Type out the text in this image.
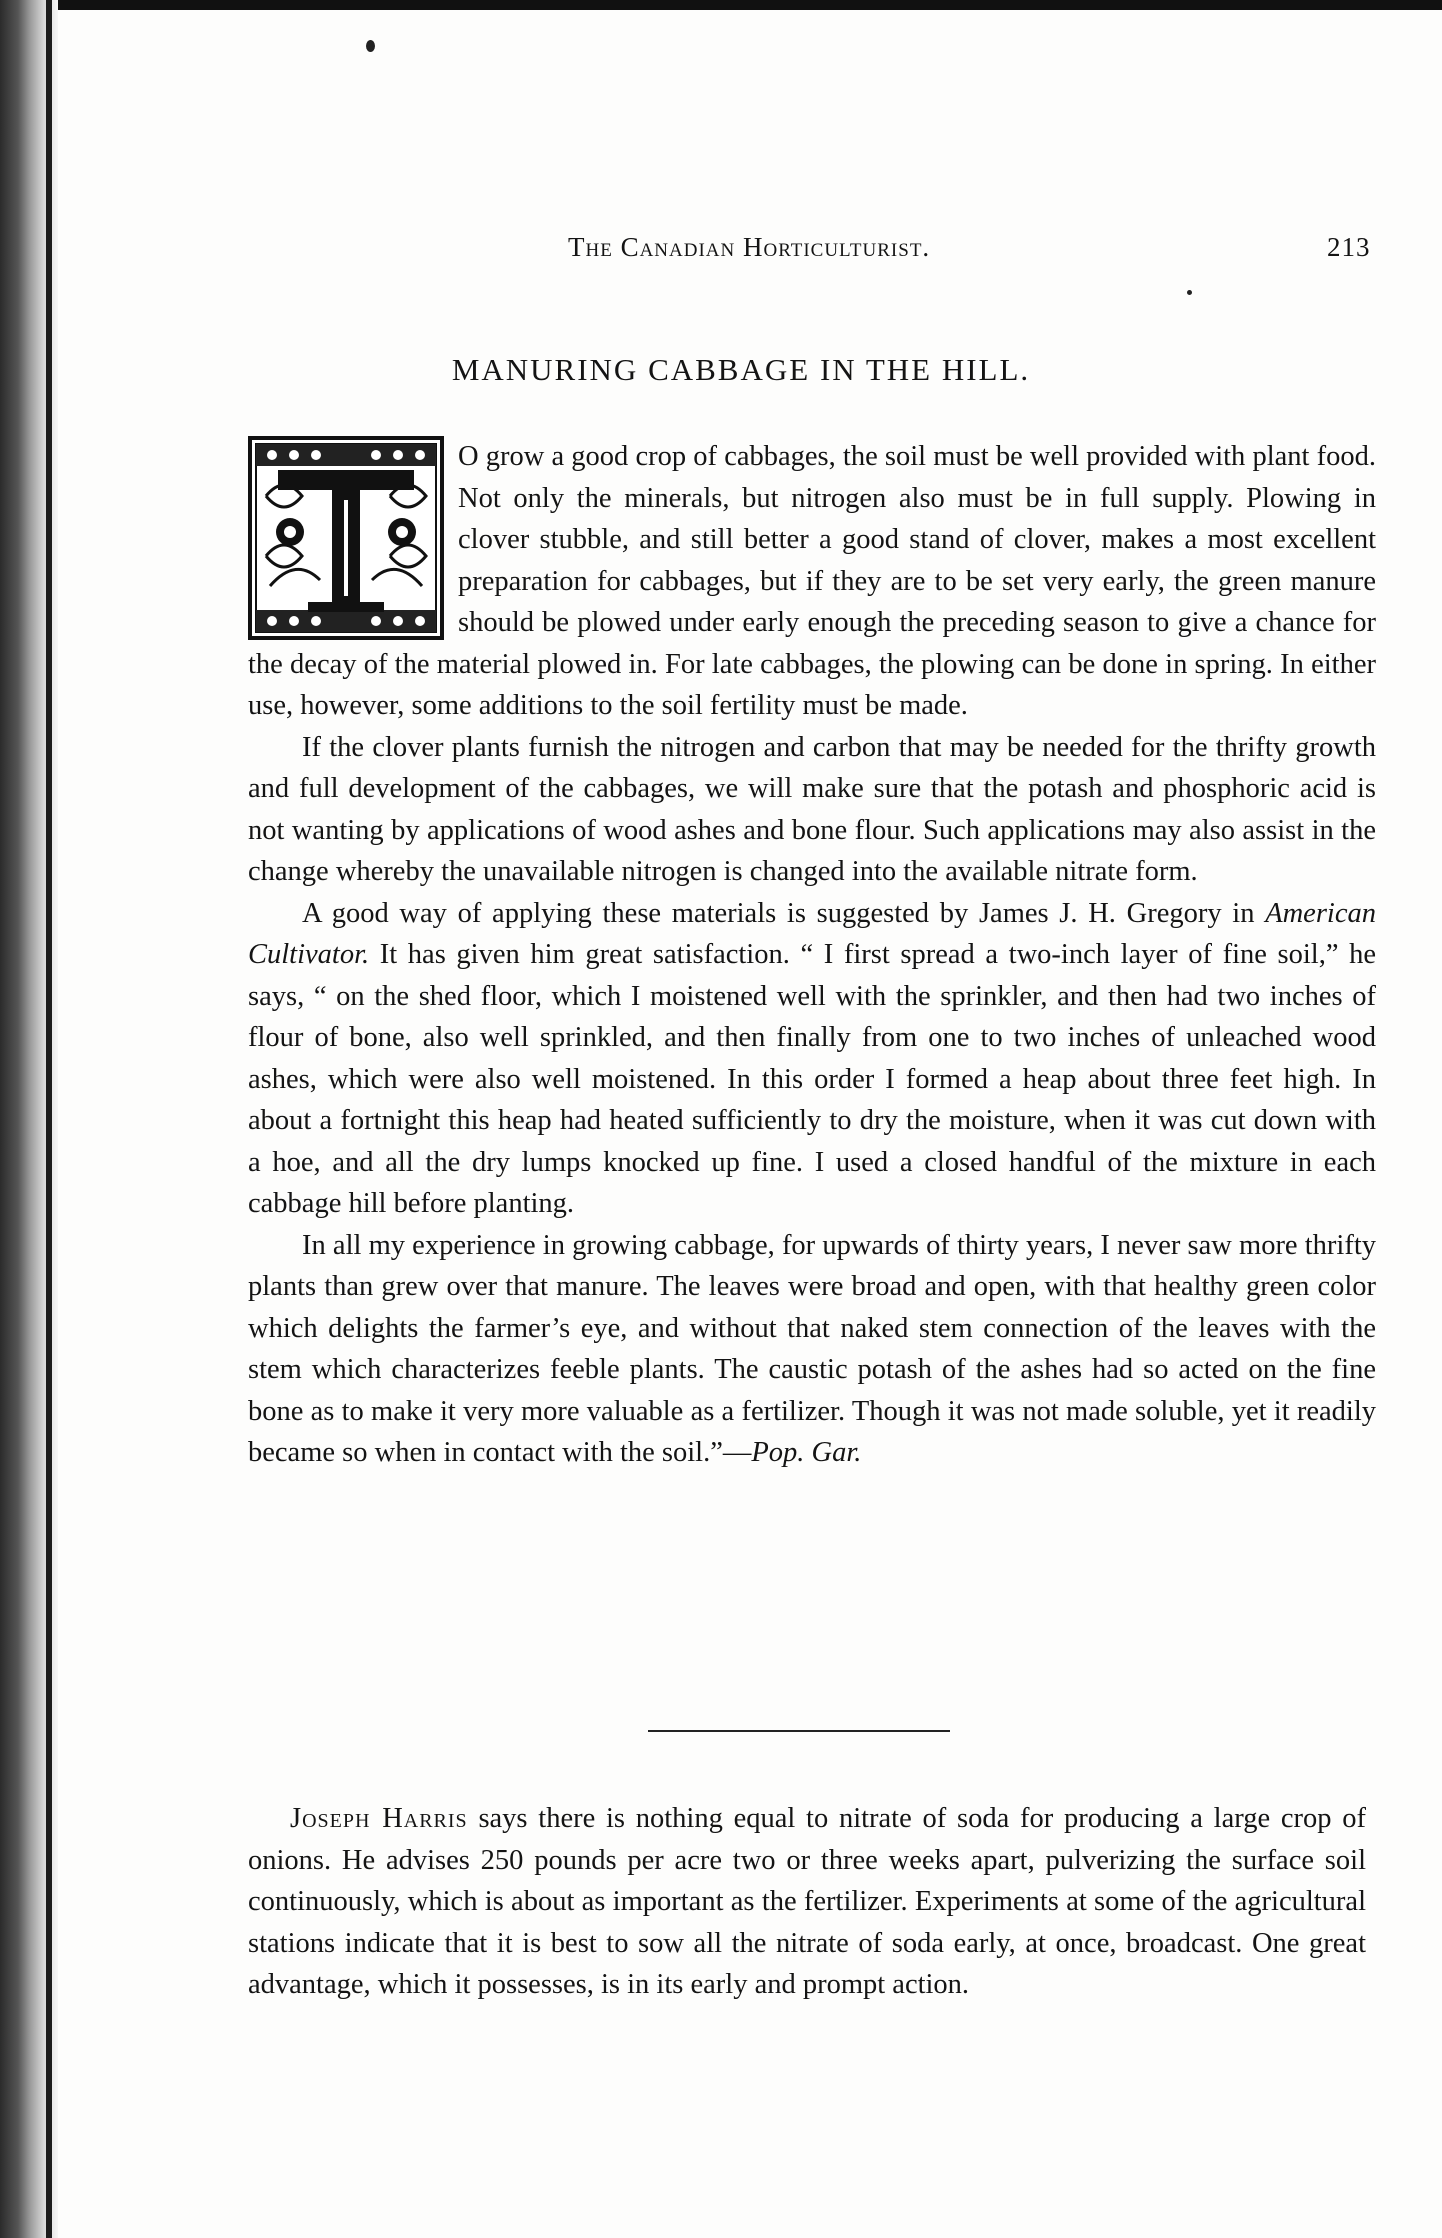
The Canadian Horticulturist.	213
MANURING CABBAGE IN THE HILL.

O grow a good crop of cabbages, the soil must be well provided with plant food. Not only the minerals, but nitrogen also must be in full supply. Plowing in clover stubble, and still better a good stand of clover, makes a most excellent preparation for cabbages, but if they are to be set very early, the green manure should be plowed under early enough the preceding season to give a chance for the decay of the material plowed in. For late cabbages, the plowing can be done in spring. In either use, however, some additions to the soil fertility must be made.

If the clover plants furnish the nitrogen and carbon that may be needed for the thrifty growth and full development of the cabbages, we will make sure that the potash and phosphoric acid is not wanting by applications of wood ashes and bone flour. Such applications may also assist in the change whereby the unavailable nitrogen is changed into the available nitrate form.

A good way of applying these materials is suggested by James J. H. Gregory in American Cultivator. It has given him great satisfaction. “ I first spread a two-inch layer of fine soil,” he says, “ on the shed floor, which I moistened well with the sprinkler, and then had two inches of flour of bone, also well sprinkled, and then finally from one to two inches of unleached wood ashes, which were also well moistened. In this order I formed a heap about three feet high. In about a fortnight this heap had heated sufficiently to dry the moisture, when it was cut down with a hoe, and all the dry lumps knocked up fine. I used a closed handful of the mixture in each cabbage hill before planting.

In all my experience in growing cabbage, for upwards of thirty years, I never saw more thrifty plants than grew over that manure. The leaves were broad and open, with that healthy green color which delights the farmer’s eye, and without that naked stem connection of the leaves with the stem which characterizes feeble plants. The caustic potash of the ashes had so acted on the fine bone as to make it very more valuable as a fertilizer. Though it was not made soluble, yet it readily became so when in contact with the soil.”—Pop. Gar.

Joseph Harris says there is nothing equal to nitrate of soda for producing a large crop of onions. He advises 250 pounds per acre two or three weeks apart, pulverizing the surface soil continuously, which is about as important as the fertilizer. Experiments at some of the agricultural stations indicate that it is best to sow all the nitrate of soda early, at once, broadcast. One great advantage, which it possesses, is in its early and prompt action.
